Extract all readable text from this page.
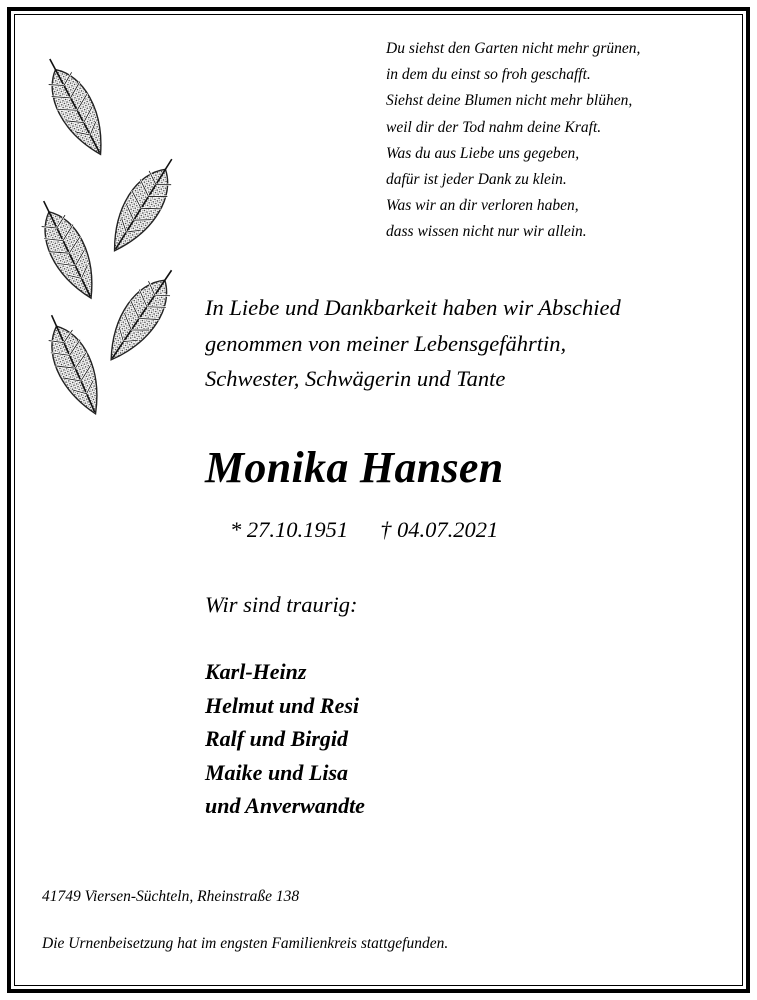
Du siehst den Garten nicht mehr grünen,
in dem du einst so froh geschafft.
Siehst deine Blumen nicht mehr blühen,
weil dir der Tod nahm deine Kraft.
Was du aus Liebe uns gegeben,
dafür ist jeder Dank zu klein.
Was wir an dir verloren haben,
dass wissen nicht nur wir allein.
In Liebe und Dankbarkeit haben wir Abschied
genommen von meiner Lebensgefährtin,
Schwester, Schwägerin und Tante
Monika Hansen
* 27.10.1951 † 04.07.2021
Wir sind traurig:
Karl-Heinz
Helmut und Resi
Ralf und Birgid
Maike und Lisa
und Anverwandte
41749 Viersen-Süchteln, Rheinstraße 138
Die Urnenbeisetzung hat im engsten Familienkreis stattgefunden.
